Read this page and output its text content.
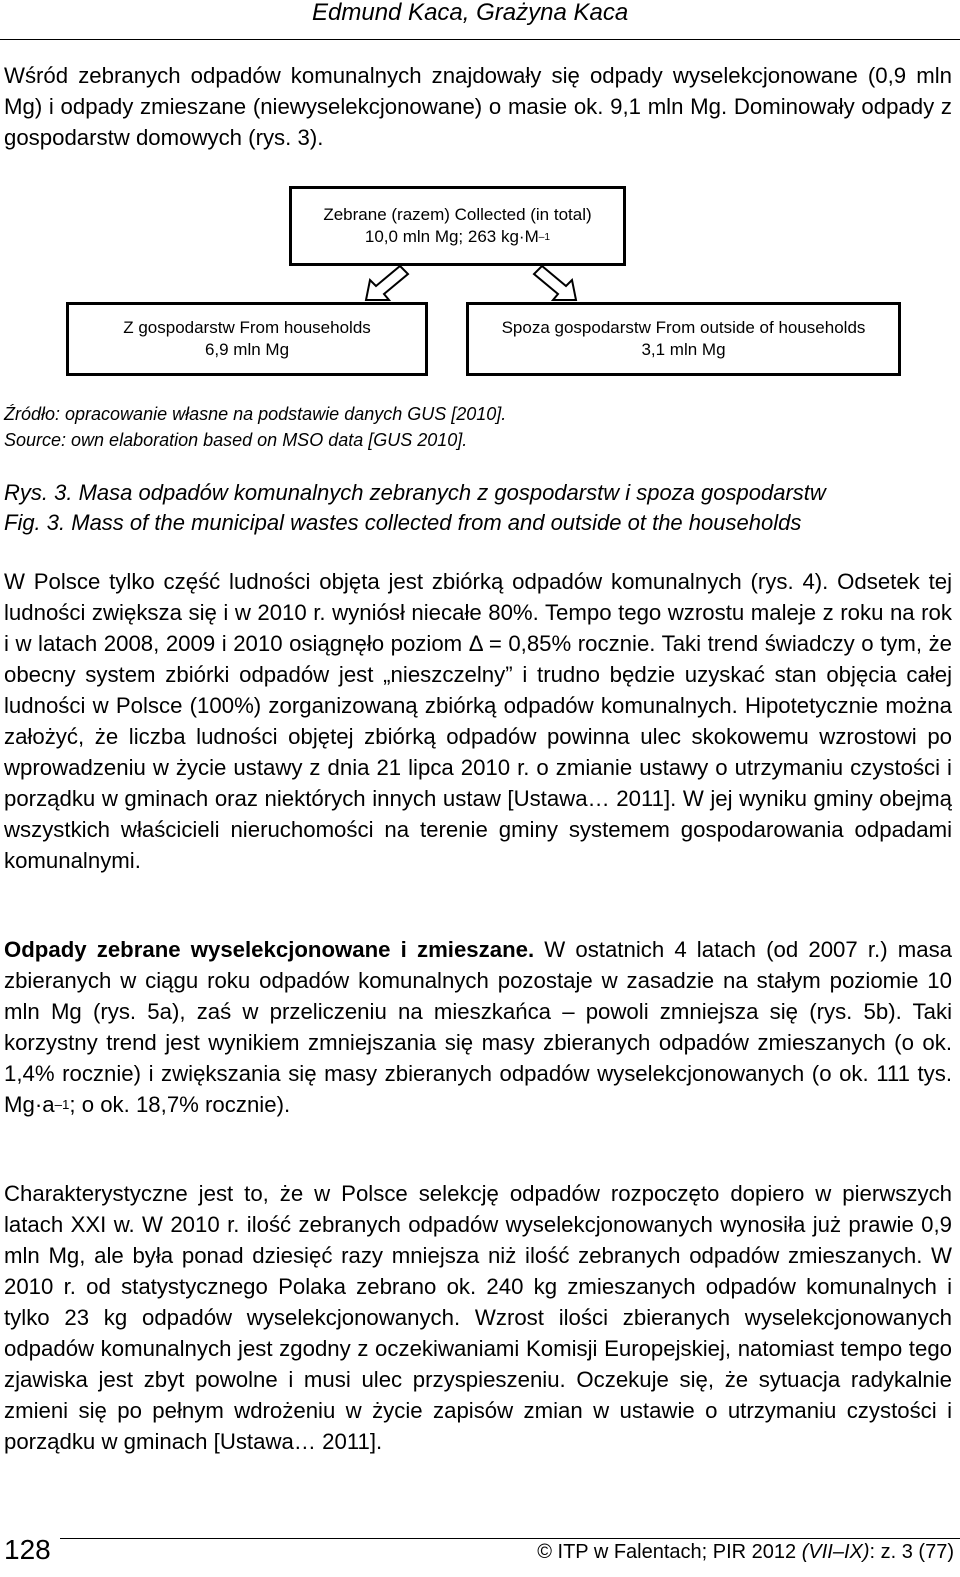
Edmund Kaca, Grażyna Kaca

Wśród zebranych odpadów komunalnych znajdowały się odpady wyselekcjonowane (0,9 mln Mg) i odpady zmieszane (niewyselekcjonowane) o masie ok. 9,1 mln Mg. Dominowały odpady z gospodarstw domowych (rys. 3).

Zebrane (razem) Collected (in total)
10,0 mln Mg; 263 $kg\cdot M^{-1}$
Z gospodarstw From households
6,9 mln Mg
Spoza gospodarstw From outside of households
3,1 mln Mg
Źródło: opracowanie własne na podstawie danych GUS [2010].
Source: own elaboration based on MSO data [GUS 2010].
Rys. 3. Masa odpadów komunalnych zebranych z gospodarstw i spoza gospodarstw
Fig. 3. Mass of the municipal wastes collected from and outside ot the households

W Polsce tylko część ludności objęta jest zbiórką odpadów komunalnych (rys. 4). Odsetek tej ludności zwiększa się i w 2010 r. wyniósł niecałe 80%. Tempo tego wzrostu maleje z roku na rok i w latach 2008, 2009 i 2010 osiągnęło poziom Δ = 0,85% rocznie. Taki trend świadczy o tym, że obecny system zbiórki odpadów jest „nieszczelny” i trudno będzie uzyskać stan objęcia całej ludności w Polsce (100%) zorganizowaną zbiórką odpadów komunalnych. Hipotetycznie można założyć, że liczba ludności objętej zbiórką odpadów powinna ulec skokowemu wzrostowi po wprowadzeniu w życie ustawy z dnia 21 lipca 2010 r. o zmianie ustawy o utrzymaniu czystości i porządku w gminach oraz niektórych innych ustaw [Ustawa… 2011]. W jej wyniku gminy obejmą wszystkich właścicieli nieruchomości na terenie gminy systemem gospodarowania odpadami komunalnymi.

Odpady zebrane wyselekcjonowane i zmieszane. W ostatnich 4 latach (od 2007 r.) masa zbieranych w ciągu roku odpadów komunalnych pozostaje w zasadzie na stałym poziomie 10 mln Mg (rys. 5a), zaś w przeliczeniu na mieszkańca – powoli zmniejsza się (rys. 5b). Taki korzystny trend jest wynikiem zmniejszania się masy zbieranych odpadów zmieszanych (o ok. 1,4% rocznie) i zwiększania się masy zbieranych odpadów wyselekcjonowanych (o ok. 111 tys. $Mg\cdot a^{-1}$; o ok. 18,7% rocznie).

Charakterystyczne jest to, że w Polsce selekcję odpadów rozpoczęto dopiero w pierwszych latach XXI w. W 2010 r. ilość zebranych odpadów wyselekcjonowanych wynosiła już prawie 0,9 mln Mg, ale była ponad dziesięć razy mniejsza niż ilość zebranych odpadów zmieszanych. W 2010 r. od statystycznego Polaka zebrano ok. 240 kg zmieszanych odpadów komunalnych i tylko 23 kg odpadów wyselekcjonowanych. Wzrost ilości zbieranych wyselekcjonowanych odpadów komunalnych jest zgodny z oczekiwaniami Komisji Europejskiej, natomiast tempo tego zjawiska jest zbyt powolne i musi ulec przyspieszeniu. Oczekuje się, że sytuacja radykalnie zmieni się po pełnym wdrożeniu w życie zapisów zmian w ustawie o utrzymaniu czystości i porządku w gminach [Ustawa… 2011].

128	© ITP w Falentach; PIR 2012 (VII–IX): z. 3 (77)
